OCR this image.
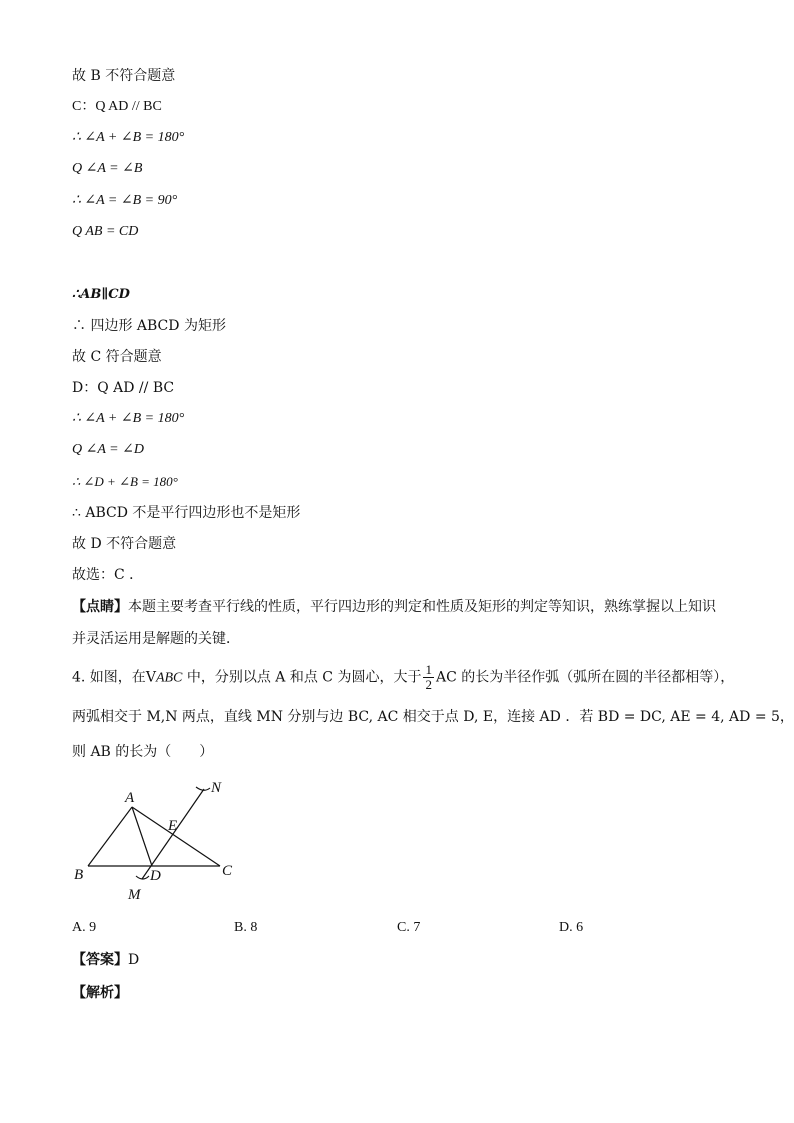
故 B 不符合题意
C：Q AD // BC
∴ ∠A + ∠B = 180°
Q ∠A = ∠B
∴ ∠A = ∠B = 90°
Q AB = CD
∴AB∥CD
∴ 四边形 ABCD 为矩形
故 C 符合题意
D：Q AD // BC
∴ ∠A + ∠B = 180°
Q ∠A = ∠D
∴ ∠D + ∠B = 180°
∴ ABCD 不是平行四边形也不是矩形
故 D 不符合题意
故选：C ．
【点睛】本题主要考查平行线的性质，平行四边形的判定和性质及矩形的判定等知识，熟练掌握以上知识
并灵活运用是解题的关键．
4. 如图，在VABC 中，分别以点 A 和点 C 为圆心，大于 $\frac{1}{2}$ AC 的长为半径作弧（弧所在圆的半径都相等），
两弧相交于 M,N 两点，直线 MN 分别与边 BC, AC 相交于点 D, E，连接 AD ．若 BD = DC, AE = 4, AD = 5，
则 AB 的长为（　　）
A
B	C
D
E
M
N
A. 9	B. 8	C. 7	D. 6
【答案】D
【解析】
